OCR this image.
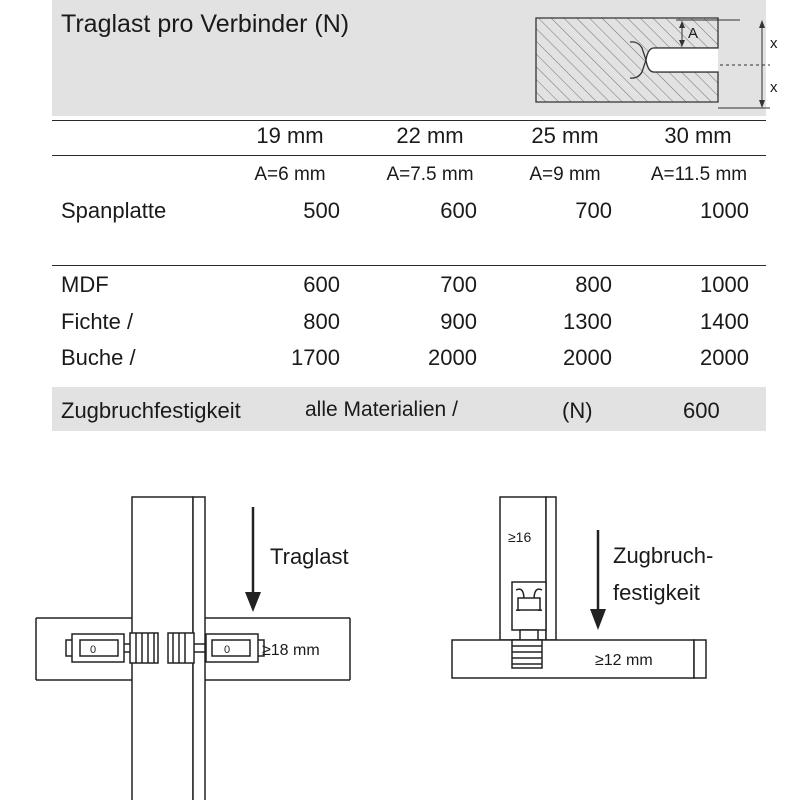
Traglast pro Verbinder (N)	A
x
x
19 mm	22 mm	25 mm	30 mm
A=6 mm	A=7.5 mm	A=9 mm	A=11.5 mm
Spanplatte	500	600	700	1000
MDF	600	700	800	1000
Fichte /	800	900	1300	1400
Buche /	1700	2000	2000	2000
Zugbruchfestigkeit	alle Materialien /	(N)	600
0	0
Traglast
≥18 mm
≥16
Zugbruch-
festigkeit
≥12 mm
